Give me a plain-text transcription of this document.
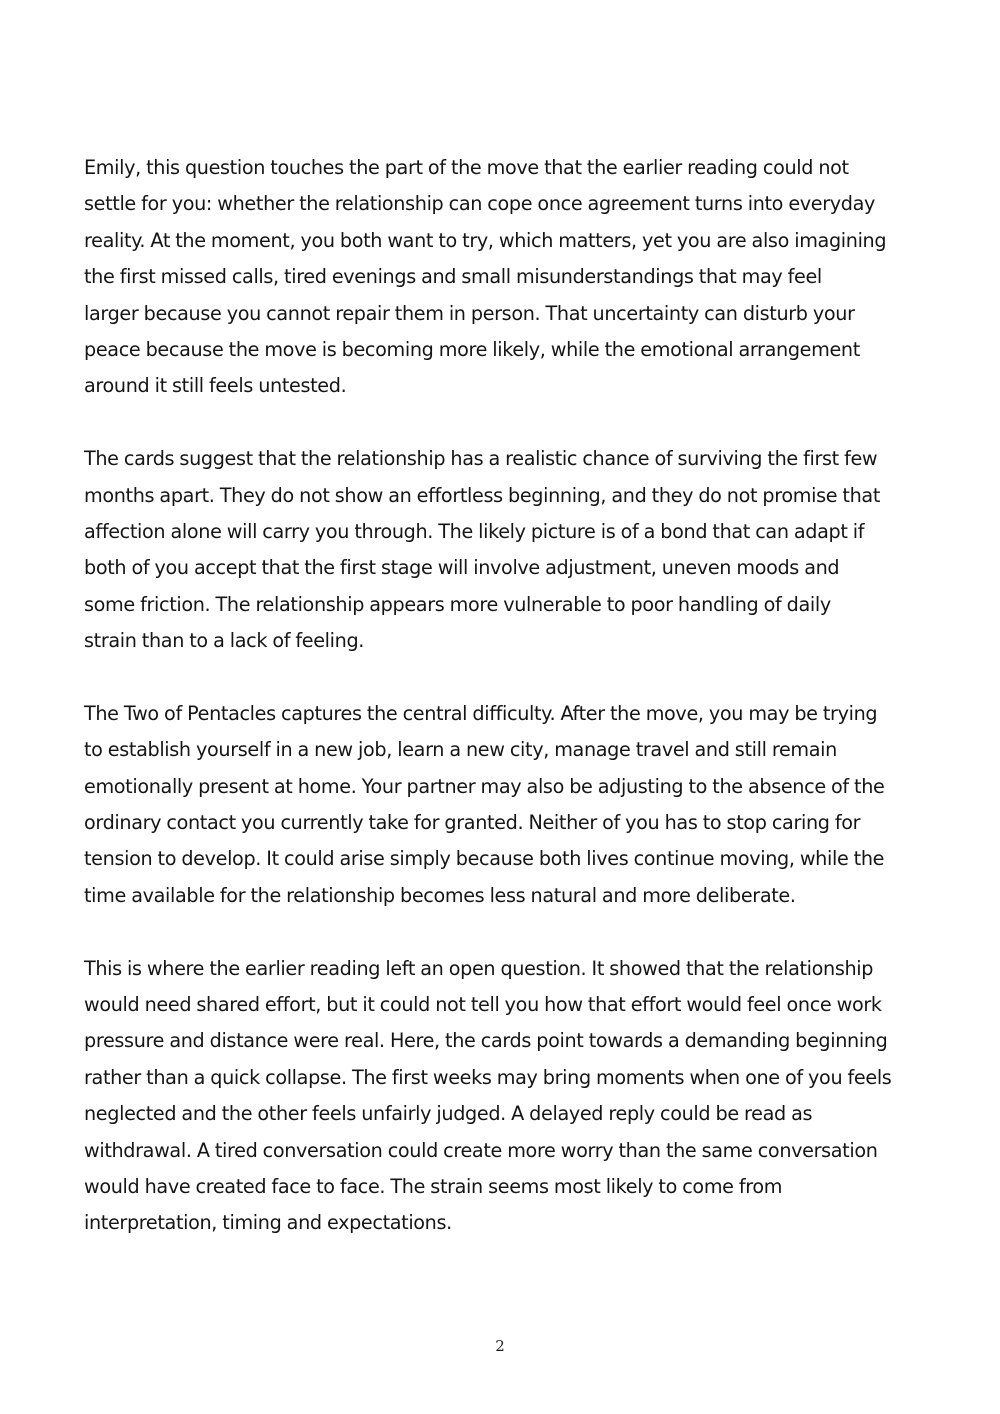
Emily, this question touches the part of the move that the earlier reading could not
settle for you: whether the relationship can cope once agreement turns into everyday
reality. At the moment, you both want to try, which matters, yet you are also imagining
the first missed calls, tired evenings and small misunderstandings that may feel
larger because you cannot repair them in person. That uncertainty can disturb your
peace because the move is becoming more likely, while the emotional arrangement
around it still feels untested.
The cards suggest that the relationship has a realistic chance of surviving the first few
months apart. They do not show an effortless beginning, and they do not promise that
affection alone will carry you through. The likely picture is of a bond that can adapt if
both of you accept that the first stage will involve adjustment, uneven moods and
some friction. The relationship appears more vulnerable to poor handling of daily
strain than to a lack of feeling.
The Two of Pentacles captures the central difficulty. After the move, you may be trying
to establish yourself in a new job, learn a new city, manage travel and still remain
emotionally present at home. Your partner may also be adjusting to the absence of the
ordinary contact you currently take for granted. Neither of you has to stop caring for
tension to develop. It could arise simply because both lives continue moving, while the
time available for the relationship becomes less natural and more deliberate.
This is where the earlier reading left an open question. It showed that the relationship
would need shared effort, but it could not tell you how that effort would feel once work
pressure and distance were real. Here, the cards point towards a demanding beginning
rather than a quick collapse. The first weeks may bring moments when one of you feels
neglected and the other feels unfairly judged. A delayed reply could be read as
withdrawal. A tired conversation could create more worry than the same conversation
would have created face to face. The strain seems most likely to come from
interpretation, timing and expectations.
2
